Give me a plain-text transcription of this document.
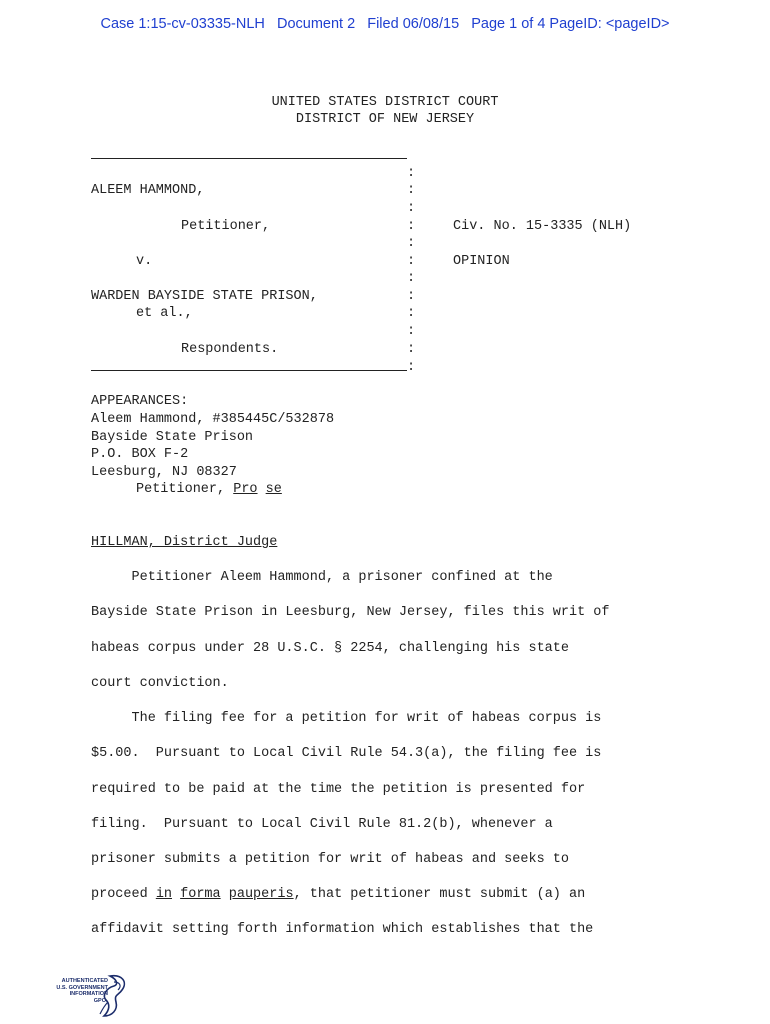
Case 1:15-cv-03335-NLH   Document 2   Filed 06/08/15   Page 1 of 4 PageID: <pageID>
UNITED STATES DISTRICT COURT
DISTRICT OF NEW JERSEY
:
:
:
:
:
:
:
:
:
:
:
:
ALEEM HAMMOND,
Petitioner,	Civ. No. 15-3335 (NLH)
v.	OPINION
WARDEN BAYSIDE STATE PRISON,
et al.,
Respondents.
APPEARANCES:
Aleem Hammond, #385445C/532878
Bayside State Prison
P.O. BOX F-2
Leesburg, NJ 08327
Petitioner, Pro se
HILLMAN, District Judge
Petitioner Aleem Hammond, a prisoner confined at the
Bayside State Prison in Leesburg, New Jersey, files this writ of
habeas corpus under 28 U.S.C. § 2254, challenging his state
court conviction.
The filing fee for a petition for writ of habeas corpus is
$5.00.  Pursuant to Local Civil Rule 54.3(a), the filing fee is
required to be paid at the time the petition is presented for
filing.  Pursuant to Local Civil Rule 81.2(b), whenever a
prisoner submits a petition for writ of habeas and seeks to
proceed in forma pauperis, that petitioner must submit (a) an
affidavit setting forth information which establishes that the
AUTHENTICATED
U.S. GOVERNMENT
INFORMATION
GPO
